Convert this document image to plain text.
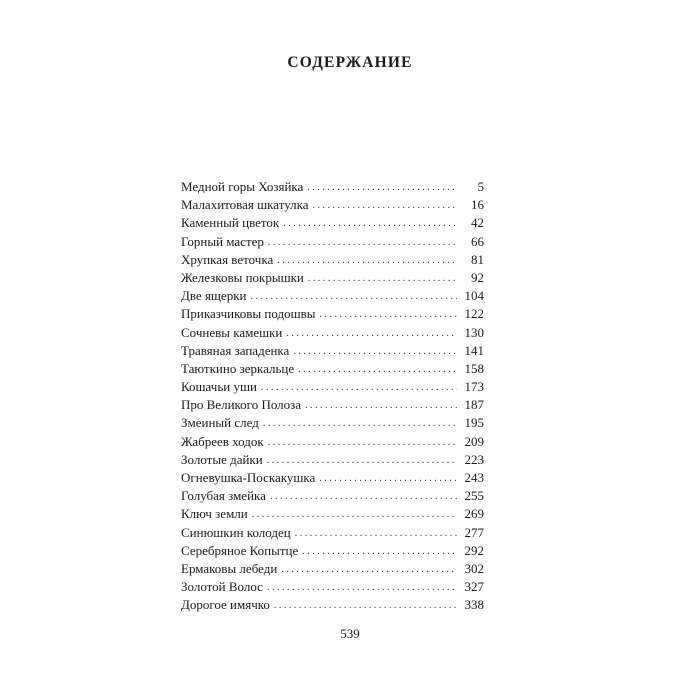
СОДЕРЖАНИЕ
Медной горы Хозяйка . . .	5
Малахитовая шкатулка . . .	16
Каменный цветок . . .	42
Горный мастер . . .	66
Хрупкая веточка . . .	81
Железковы покрышки . . .	92
Две ящерки . . .	104
Приказчиковы подошвы . . .	122
Сочневы камешки . . .	130
Травяная западенка . . .	141
Таюткино зеркальце . . .	158
Кошачьи уши . . .	173
Про Великого Полоза . . .	187
Змеиный след . . .	195
Жабреев ходок . . .	209
Золотые дайки . . .	223
Огневушка-Поскакушка . . .	243
Голубая змейка . . .	255
Ключ земли . . .	269
Синюшкин колодец . . .	277
Серебряное Копытце . . .	292
Ермаковы лебеди . . .	302
Золотой Волос . . .	327
Дорогое имячко . . .	338
539
